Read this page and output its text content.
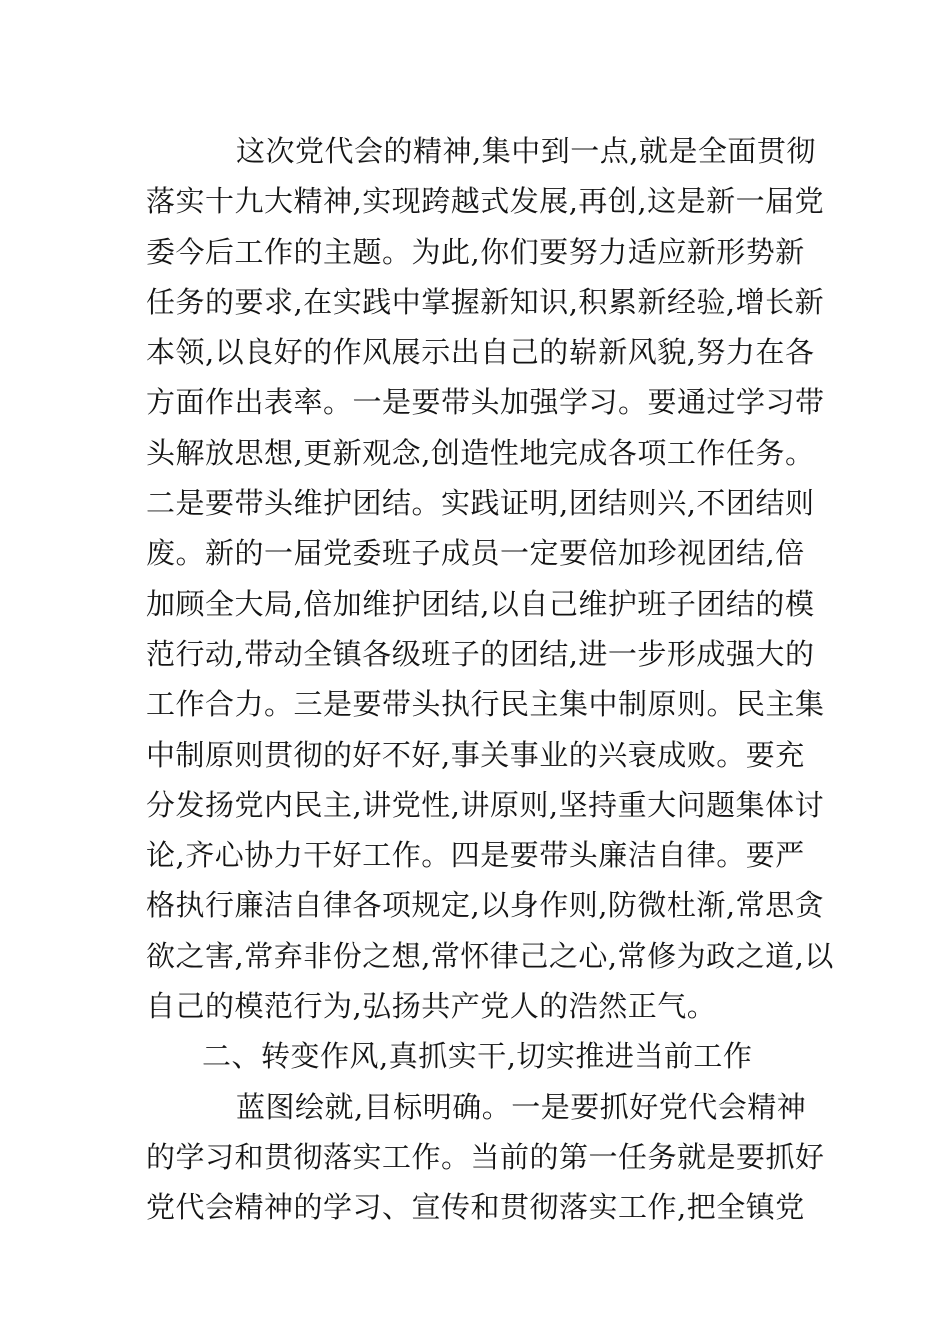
这次党代会的精神,集中到一点,就是全面贯彻
落实十九大精神,实现跨越式发展,再创,这是新一届党
委今后工作的主题。为此,你们要努力适应新形势新
任务的要求,在实践中掌握新知识,积累新经验,增长新
本领,以良好的作风展示出自己的崭新风貌,努力在各
方面作出表率。一是要带头加强学习。要通过学习带
头解放思想,更新观念,创造性地完成各项工作任务。
二是要带头维护团结。实践证明,团结则兴,不团结则
废。新的一届党委班子成员一定要倍加珍视团结,倍
加顾全大局,倍加维护团结,以自己维护班子团结的模
范行动,带动全镇各级班子的团结,进一步形成强大的
工作合力。三是要带头执行民主集中制原则。民主集
中制原则贯彻的好不好,事关事业的兴衰成败。要充
分发扬党内民主,讲党性,讲原则,坚持重大问题集体讨
论,齐心协力干好工作。四是要带头廉洁自律。要严
格执行廉洁自律各项规定,以身作则,防微杜渐,常思贪
欲之害,常弃非份之想,常怀律己之心,常修为政之道,以
自己的模范行为,弘扬共产党人的浩然正气。
二、转变作风,真抓实干,切实推进当前工作
蓝图绘就,目标明确。一是要抓好党代会精神
的学习和贯彻落实工作。当前的第一任务就是要抓好
党代会精神的学习、宣传和贯彻落实工作,把全镇党
